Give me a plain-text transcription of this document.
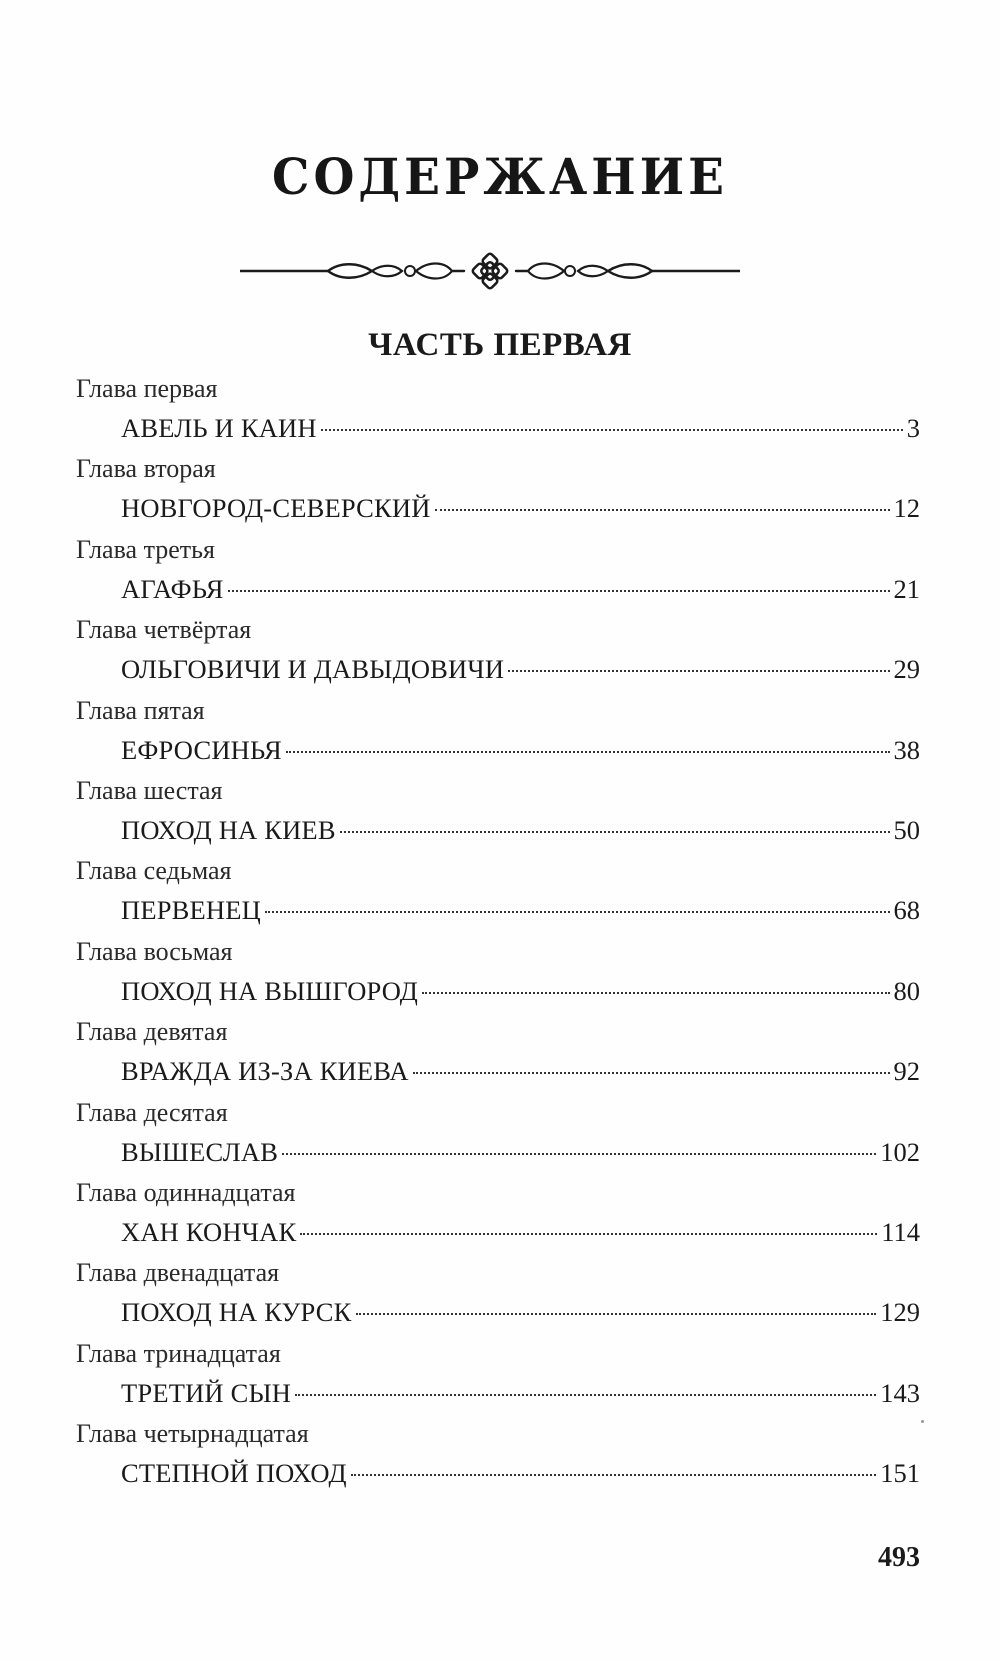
СОДЕРЖАНИЕ
ЧАСТЬ ПЕРВАЯ
Глава первая
АВЕЛЬ И КАИН	3
Глава вторая
НОВГОРОД-СЕВЕРСКИЙ	12
Глава третья
АГАФЬЯ	21
Глава четвёртая
ОЛЬГОВИЧИ И ДАВЫДОВИЧИ	29
Глава пятая
ЕФРОСИНЬЯ	38
Глава шестая
ПОХОД НА КИЕВ	50
Глава седьмая
ПЕРВЕНЕЦ	68
Глава восьмая
ПОХОД НА ВЫШГОРОД	80
Глава девятая
ВРАЖДА ИЗ-ЗА КИЕВА	92
Глава десятая
ВЫШЕСЛАВ	102
Глава одиннадцатая
ХАН КОНЧАК	114
Глава двенадцатая
ПОХОД НА КУРСК	129
Глава тринадцатая
ТРЕТИЙ СЫН	143
Глава четырнадцатая
СТЕПНОЙ ПОХОД	151
493
